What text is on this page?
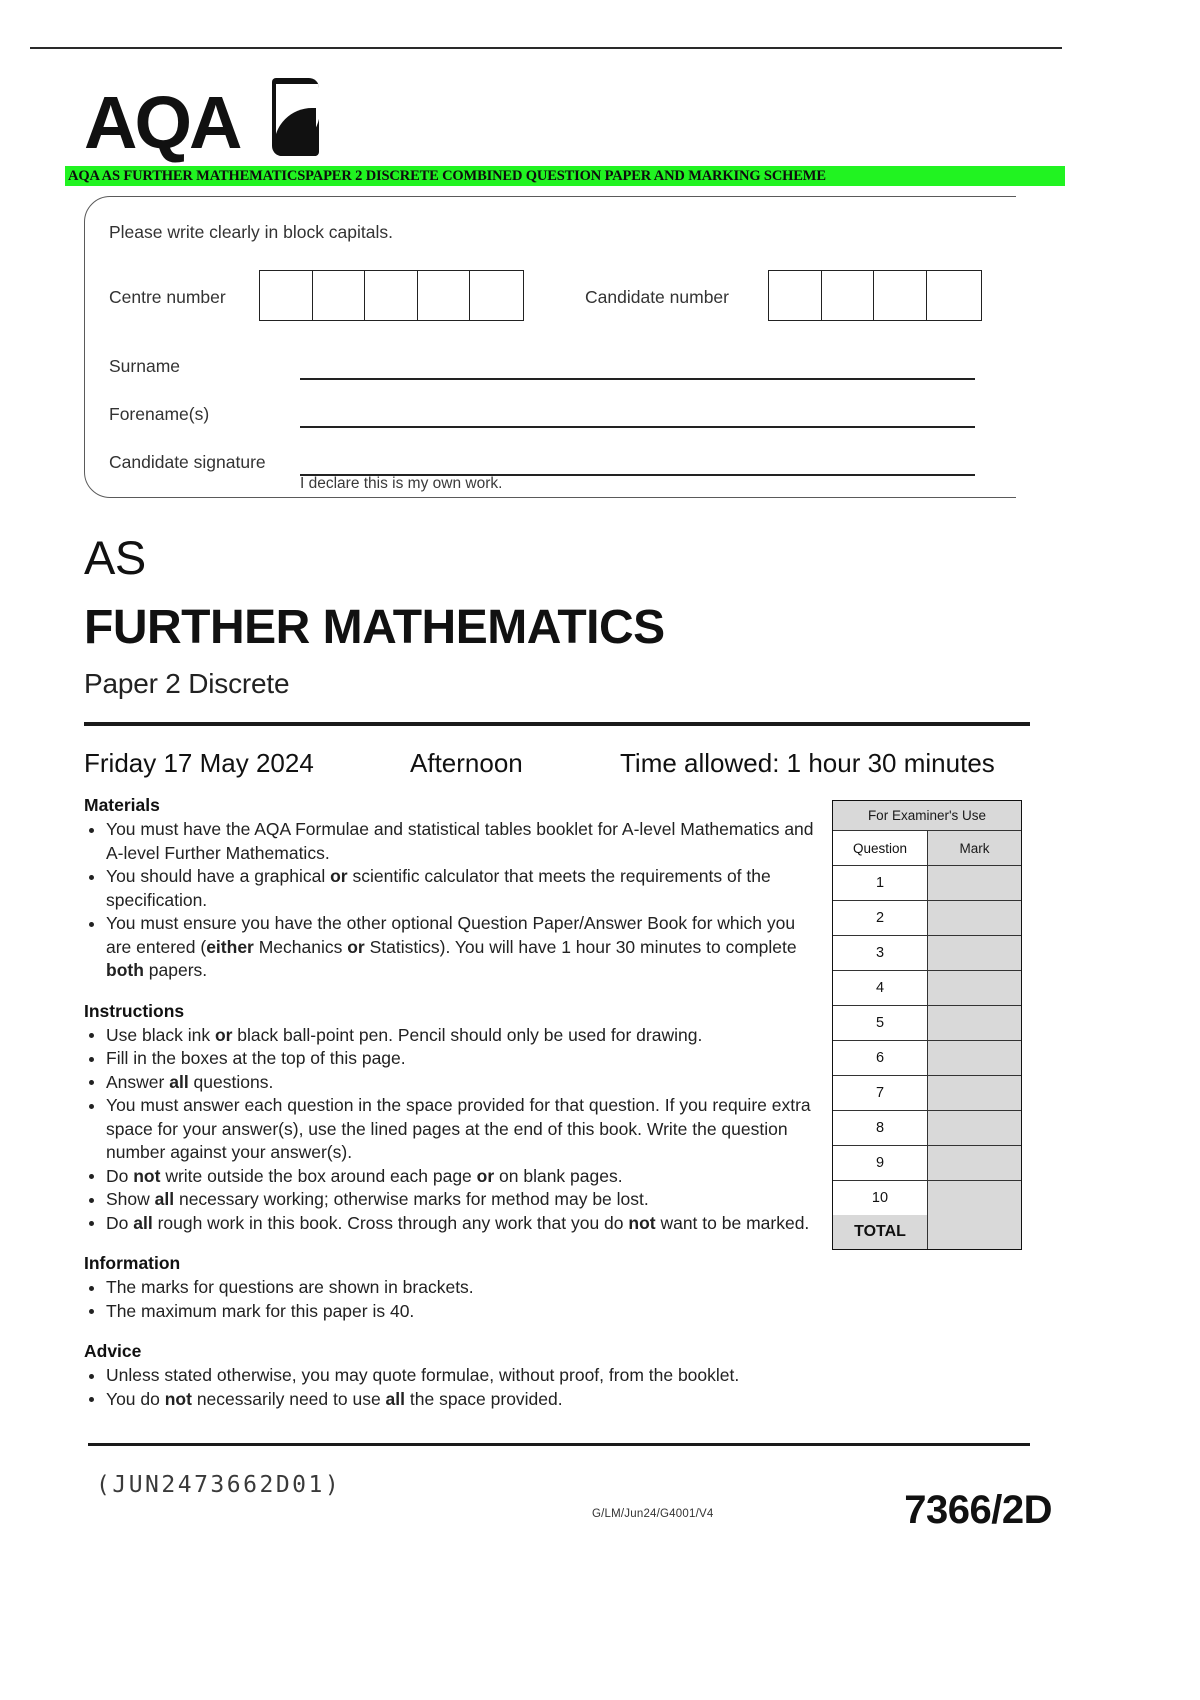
AQA
AQA AS FURTHER MATHEMATICSPAPER 2 DISCRETE COMBINED QUESTION PAPER AND MARKING SCHEME
Please write clearly in block capitals.
Centre number	Candidate number
Surname
Forename(s)
Candidate signature
I declare this is my own work.
AS
FURTHER MATHEMATICS
Paper 2 Discrete
Friday 17 May 2024	Afternoon	Time allowed: 1 hour 30 minutes
Materials
You must have the AQA Formulae and statistical tables booklet for A-level Mathematics and A-level Further Mathematics.
You should have a graphical or scientific calculator that meets the requirements of the specification.
You must ensure you have the other optional Question Paper/Answer Book for which you are entered (either Mechanics or Statistics). You will have 1 hour 30 minutes to complete both papers.
Instructions
Use black ink or black ball-point pen. Pencil should only be used for drawing.
Fill in the boxes at the top of this page.
Answer all questions.
You must answer each question in the space provided for that question. If you require extra space for your answer(s), use the lined pages at the end of this book. Write the question number against your answer(s).
Do not write outside the box around each page or on blank pages.
Show all necessary working; otherwise marks for method may be lost.
Do all rough work in this book. Cross through any work that you do not want to be marked.
Information
The marks for questions are shown in brackets.
The maximum mark for this paper is 40.
Advice
Unless stated otherwise, you may quote formulae, without proof, from the booklet.
You do not necessarily need to use all the space provided.
For Examiner's Use
Question	Mark
1
2
3
4
5
6
7
8
9
10
TOTAL
(JUN2473662D01)
G/LM/Jun24/G4001/V4	7366/2D
